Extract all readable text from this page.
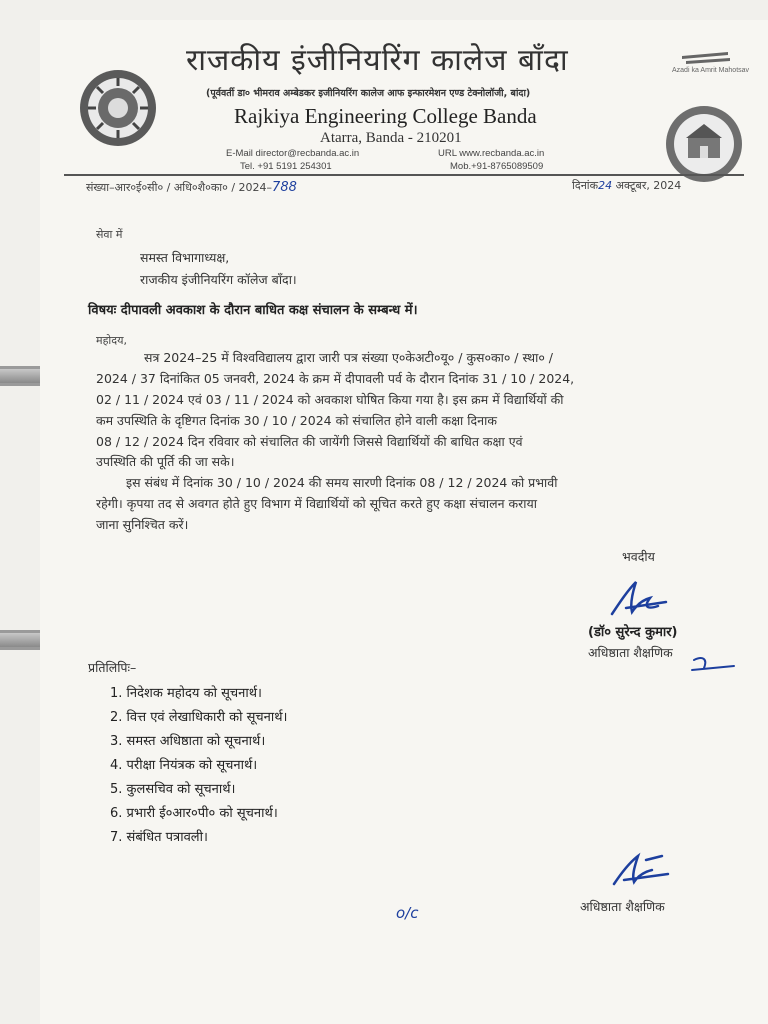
Azadi ka Amrit Mahotsav
राजकीय इंजीनियरिंग कालेज बाँदा
(पूर्ववर्ती डा० भीमराव अम्बेडकर इजीनियरिंग कालेज आफ इन्फारमेशन एण्ड टेक्नोलॉजी, बांदा)
Rajkiya Engineering College Banda
Atarra, Banda - 210201
E-Mail director@recbanda.ac.in	URL www.recbanda.ac.in
Tel. +91 5191 254301	Mob.+91-8765089509
संख्या–आर०ई०सी० / अधि०शै०का० / 2024–788	दिनांक24 अक्टूबर, 2024
सेवा में
समस्त विभागाध्यक्ष,
राजकीय इंजीनियरिंग कॉलेज बाँदा।
विषयः दीपावली अवकाश के दौरान बाधित कक्ष संचालन के सम्बन्ध में।
महोदय,
सत्र 2024–25 में विश्वविद्यालय द्वारा जारी पत्र संख्या ए०केअटी०यू० / कुस०का० / स्था० /
2024 / 37 दिनांकित 05 जनवरी, 2024 के क्रम में दीपावली पर्व के दौरान दिनांक 31 / 10 / 2024,
02 / 11 / 2024 एवं 03 / 11 / 2024 को अवकाश घोषित किया गया है। इस क्रम में विद्यार्थियों की
कम उपस्थिति के दृष्टिगत दिनांक 30 / 10 / 2024 को संचालित होने वाली कक्षा दिनाक
08 / 12 / 2024 दिन रविवार को संचालित की जायेंगी जिससे विद्यार्थियों की बाधित कक्षा एवं
उपस्थिति की पूर्ति की जा सके।
इस संबंध में दिनांक 30 / 10 / 2024 की समय सारणी दिनांक 08 / 12 / 2024 को प्रभावी
रहेगी। कृपया तद से अवगत होते हुए विभाग में विद्यार्थियों को सूचित करते हुए कक्षा संचालन कराया
जाना सुनिश्चित करें।
भवदीय
(डॉ० सुरेन्द कुमार)
अधिष्ठाता शैक्षणिक
प्रतिलिपिः–
1. निदेशक महोदय को सूचनार्थ।
2. वित्त एवं लेखाधिकारी को सूचनार्थ।
3. समस्त अधिष्ठाता को सूचनार्थ।
4. परीक्षा नियंत्रक को सूचनार्थ।
5. कुलसचिव को सूचनार्थ।
6. प्रभारी ई०आर०पी० को सूचनार्थ।
7. संबंधित पत्रावली।
अधिष्ठाता शैक्षणिक
o/c
